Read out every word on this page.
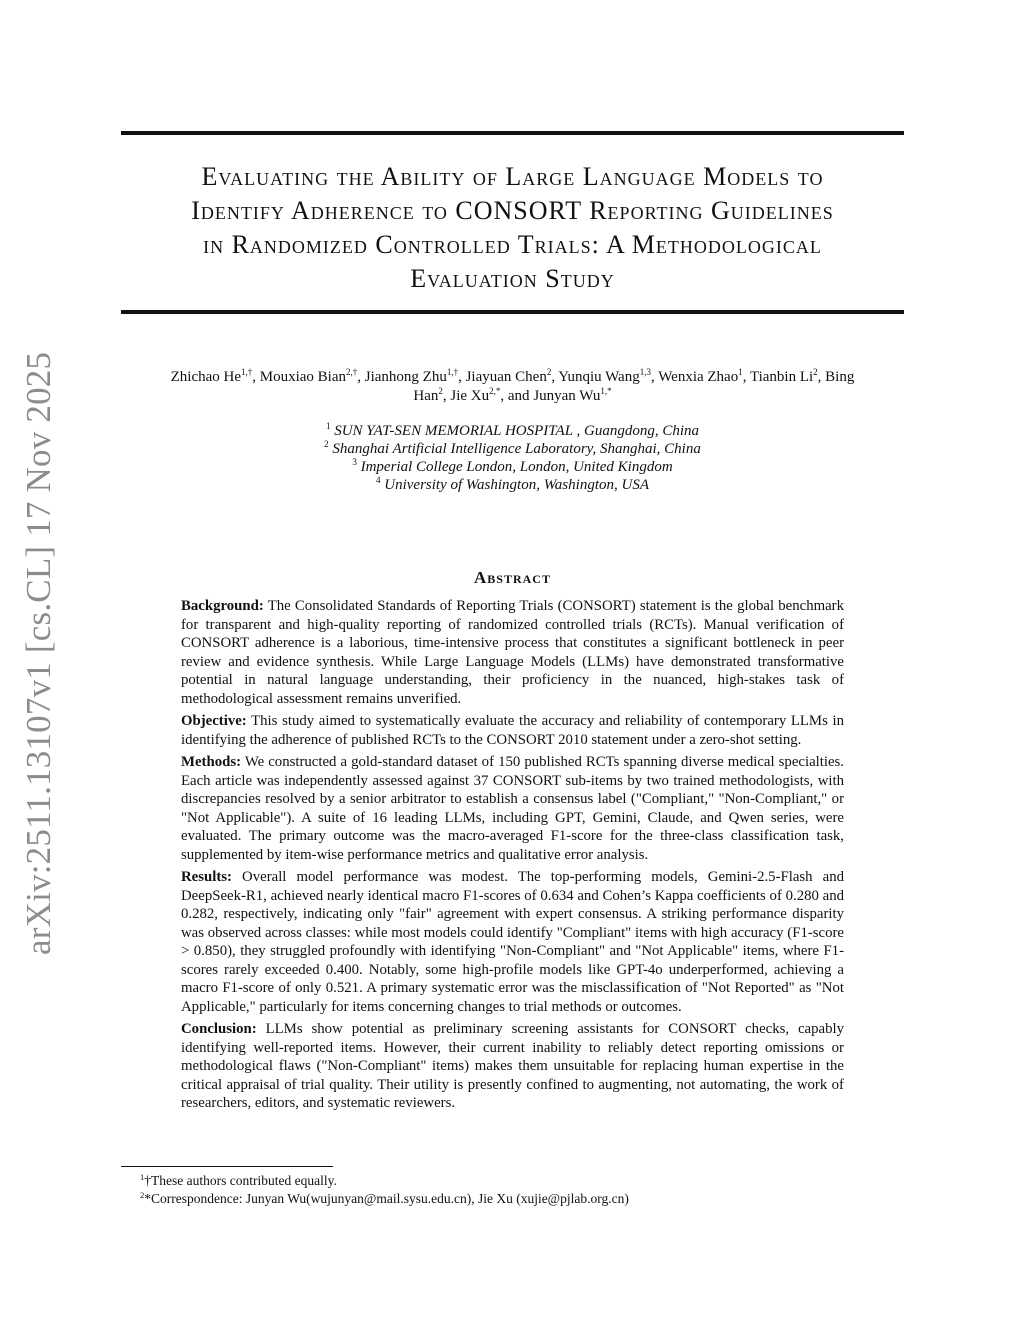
arXiv:2511.13107v1 [cs.CL] 17 Nov 2025
Evaluating the Ability of Large Language Models to
Identify Adherence to CONSORT Reporting Guidelines
in Randomized Controlled Trials: A Methodological
Evaluation Study
Zhichao $He^{1,\dagger}$, Mouxiao Bian$^{2,\dagger}$, Jianhong Zhu$^{1,\dagger}$, Jiayuan Chen$^2$, Yunqiu Wang$^{1,3}$, Wenxia Zhao$^1$, Tianbin Li$^2$, Bing
Han$^2$, Jie $Xu^{2,*}$, and Junyan $Wu^{1,*}$
$^1$ SUN YAT-SEN MEMORIAL HOSPITAL , Guangdong, China
$^2$ Shanghai Artificial Intelligence Laboratory, Shanghai, China
$^3$ Imperial College London, London, United Kingdom
$^4$ University of Washington, Washington, USA
Abstract

Background: The Consolidated Standards of Reporting Trials (CONSORT) statement is the global benchmark for transparent and high-quality reporting of randomized controlled trials (RCTs). Manual verification of CONSORT adherence is a laborious, time-intensive process that constitutes a significant bottleneck in peer review and evidence synthesis. While Large Language Models (LLMs) have demonstrated transformative potential in natural language understanding, their proficiency in the nuanced, high-stakes task of methodological assessment remains unverified.

Objective: This study aimed to systematically evaluate the accuracy and reliability of contemporary LLMs in identifying the adherence of published RCTs to the CONSORT 2010 statement under a zero-shot setting.

Methods: We constructed a gold-standard dataset of 150 published RCTs spanning diverse medical specialties. Each article was independently assessed against 37 CONSORT sub-items by two trained methodologists, with discrepancies resolved by a senior arbitrator to establish a consensus label ("Compliant," "Non-Compliant," or "Not Applicable"). A suite of 16 leading LLMs, including GPT, Gemini, Claude, and Qwen series, were evaluated. The primary outcome was the macro-averaged F1-score for the three-class classification task, supplemented by item-wise performance metrics and qualitative error analysis.

Results: Overall model performance was modest. The top-performing models, Gemini-2.5-Flash and DeepSeek-R1, achieved nearly identical macro F1-scores of 0.634 and Cohen’s Kappa coefficients of 0.280 and 0.282, respectively, indicating only "fair" agreement with expert consensus. A striking performance disparity was observed across classes: while most models could identify "Compliant" items with high accuracy (F1-score > 0.850), they struggled profoundly with identifying "Non-Compliant" and "Not Applicable" items, where F1-scores rarely exceeded 0.400. Notably, some high-profile models like GPT-4o underperformed, achieving a macro F1-score of only 0.521. A primary systematic error was the misclassification of "Not Reported" as "Not Applicable," particularly for items concerning changes to trial methods or outcomes.

Conclusion: LLMs show potential as preliminary screening assistants for CONSORT checks, capably identifying well-reported items. However, their current inability to reliably detect reporting omissions or methodological flaws ("Non-Compliant" items) makes them unsuitable for replacing human expertise in the critical appraisal of trial quality. Their utility is presently confined to augmenting, not automating, the work of researchers, editors, and systematic reviewers.

$^1$†These authors contributed equally.
$^2$*Correspondence: Junyan Wu(wujunyan@mail.sysu.edu.cn), Jie Xu (xujie@pjlab.org.cn)
